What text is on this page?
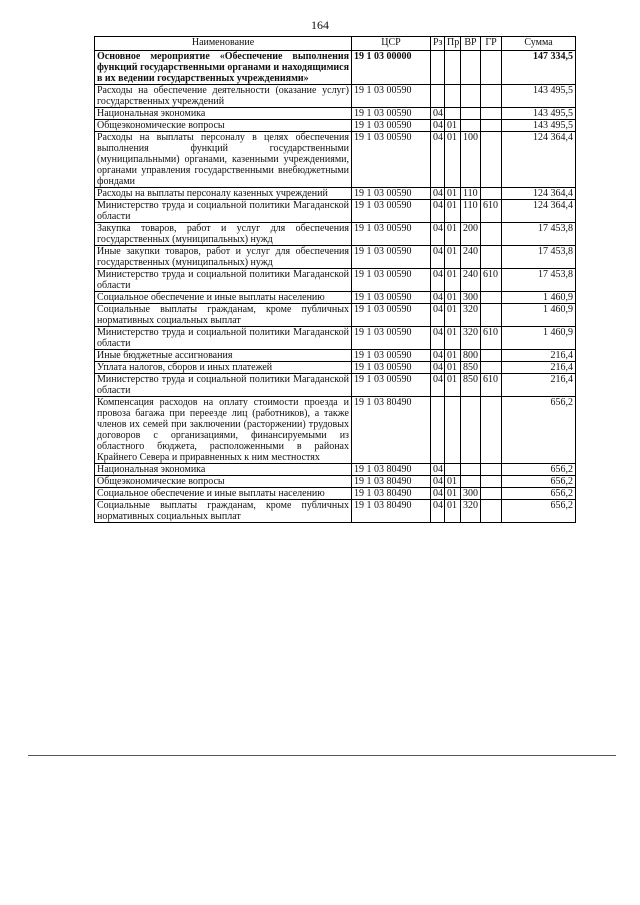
164
Наименование	ЦСР	Рз	Пр	ВР	ГР	Сумма
Основное мероприятие «Обеспечение выполнения функций государственными органами и находящимися в их ведении государственных учреждениями»	19 1 03 00000					147 334,5
Расходы на обеспечение деятельности (оказание услуг) государственных учреждений	19 1 03 00590					143 495,5
Национальная экономика	19 1 03 00590	04				143 495,5
Общеэкономические вопросы	19 1 03 00590	04	01			143 495,5
Расходы на выплаты персоналу в целях обеспечения выполнения функций государственными (муниципальными) органами, казенными учреждениями, органами управления государственными внебюджетными фондами	19 1 03 00590	04	01	100		124 364,4
Расходы на выплаты персоналу казенных учреждений	19 1 03 00590	04	01	110		124 364,4
Министерство труда и социальной политики Магаданской области	19 1 03 00590	04	01	110	610	124 364,4
Закупка товаров, работ и услуг для обеспечения государственных (муниципальных) нужд	19 1 03 00590	04	01	200		17 453,8
Иные закупки товаров, работ и услуг для обеспечения государственных (муниципальных) нужд	19 1 03 00590	04	01	240		17 453,8
Министерство труда и социальной политики Магаданской области	19 1 03 00590	04	01	240	610	17 453,8
Социальное обеспечение и иные выплаты населению	19 1 03 00590	04	01	300		1 460,9
Социальные выплаты гражданам, кроме публичных нормативных социальных выплат	19 1 03 00590	04	01	320		1 460,9
Министерство труда и социальной политики Магаданской области	19 1 03 00590	04	01	320	610	1 460,9
Иные бюджетные ассигнования	19 1 03 00590	04	01	800		216,4
Уплата налогов, сборов и иных платежей	19 1 03 00590	04	01	850		216,4
Министерство труда и социальной политики Магаданской области	19 1 03 00590	04	01	850	610	216,4
Компенсация расходов на оплату стоимости проезда и провоза багажа при переезде лиц (работников), а также членов их семей при заключении (расторжении) трудовых договоров с организациями, финансируемыми из областного бюджета, расположенными в районах Крайнего Севера и приравненных к ним местностях	19 1 03 80490					656,2
Национальная экономика	19 1 03 80490	04				656,2
Общеэкономические вопросы	19 1 03 80490	04	01			656,2
Социальное обеспечение и иные выплаты населению	19 1 03 80490	04	01	300		656,2
Социальные выплаты гражданам, кроме публичных нормативных социальных выплат	19 1 03 80490	04	01	320		656,2
